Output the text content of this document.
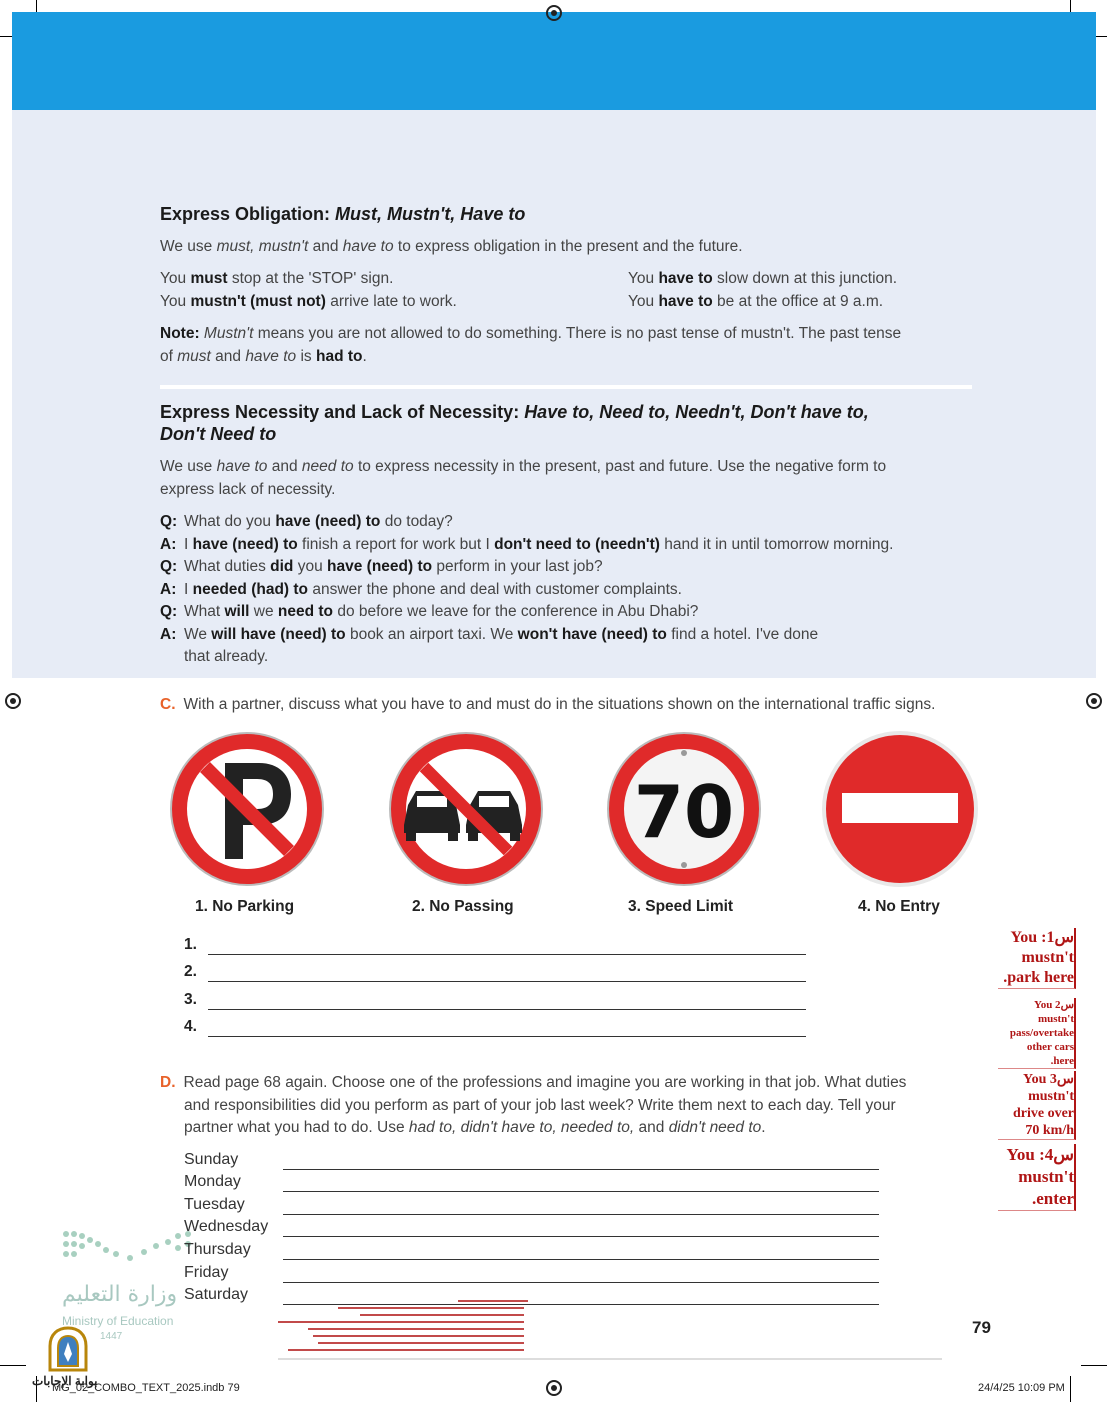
Express Obligation: Must, Mustn't, Have to
We use must, mustn't and have to to express obligation in the present and the future.
You must stop at the 'STOP' sign.
You mustn't (must not) arrive late to work.
You have to slow down at this junction.
You have to be at the office at 9 a.m.
Note: Mustn't means you are not allowed to do something. There is no past tense of mustn't. The past tense
of must and have to is had to.
Express Necessity and Lack of Necessity: Have to, Need to, Needn't, Don't have to,
Don't Need to
We use have to and need to to express necessity in the present, past and future. Use the negative form to
express lack of necessity.
Q: What do you have (need) to do today?
A: I have (need) to finish a report for work but I don't need to (needn't) hand it in until tomorrow morning.
Q: What duties did you have (need) to perform in your last job?
A: I needed (had) to answer the phone and deal with customer complaints.
Q: What will we need to do before we leave for the conference in Abu Dhabi?
A: We will have (need) to book an airport taxi. We won't have (need) to find a hotel. I've done
that already.
C. With a partner, discuss what you have to and must do in the situations shown on the international traffic signs.
70
1. No Parking	2. No Passing	3. Speed Limit	4. No Entry
1.
2.
3.
4.
You :1س
mustn't
.park here
You 2س
mustn't
pass/overtake
other cars
.here
You 3س
mustn't
drive over
70 km/h
You :4س
mustn't
.enter
D. Read page 68 again. Choose one of the professions and imagine you are working in that job. What duties
and responsibilities did you perform as part of your job last week? Write them next to each day. Tell your
partner what you had to do. Use had to, didn't have to, needed to, and didn't need to.
وزارة التعليم
Ministry of Education
1447
بوابة الإجابات
Sunday
Monday
Tuesday
Wednesday
Thursday
Friday
Saturday
79
MG_02_COMBO_TEXT_2025.indb 79	24/4/25 10:09 PM
